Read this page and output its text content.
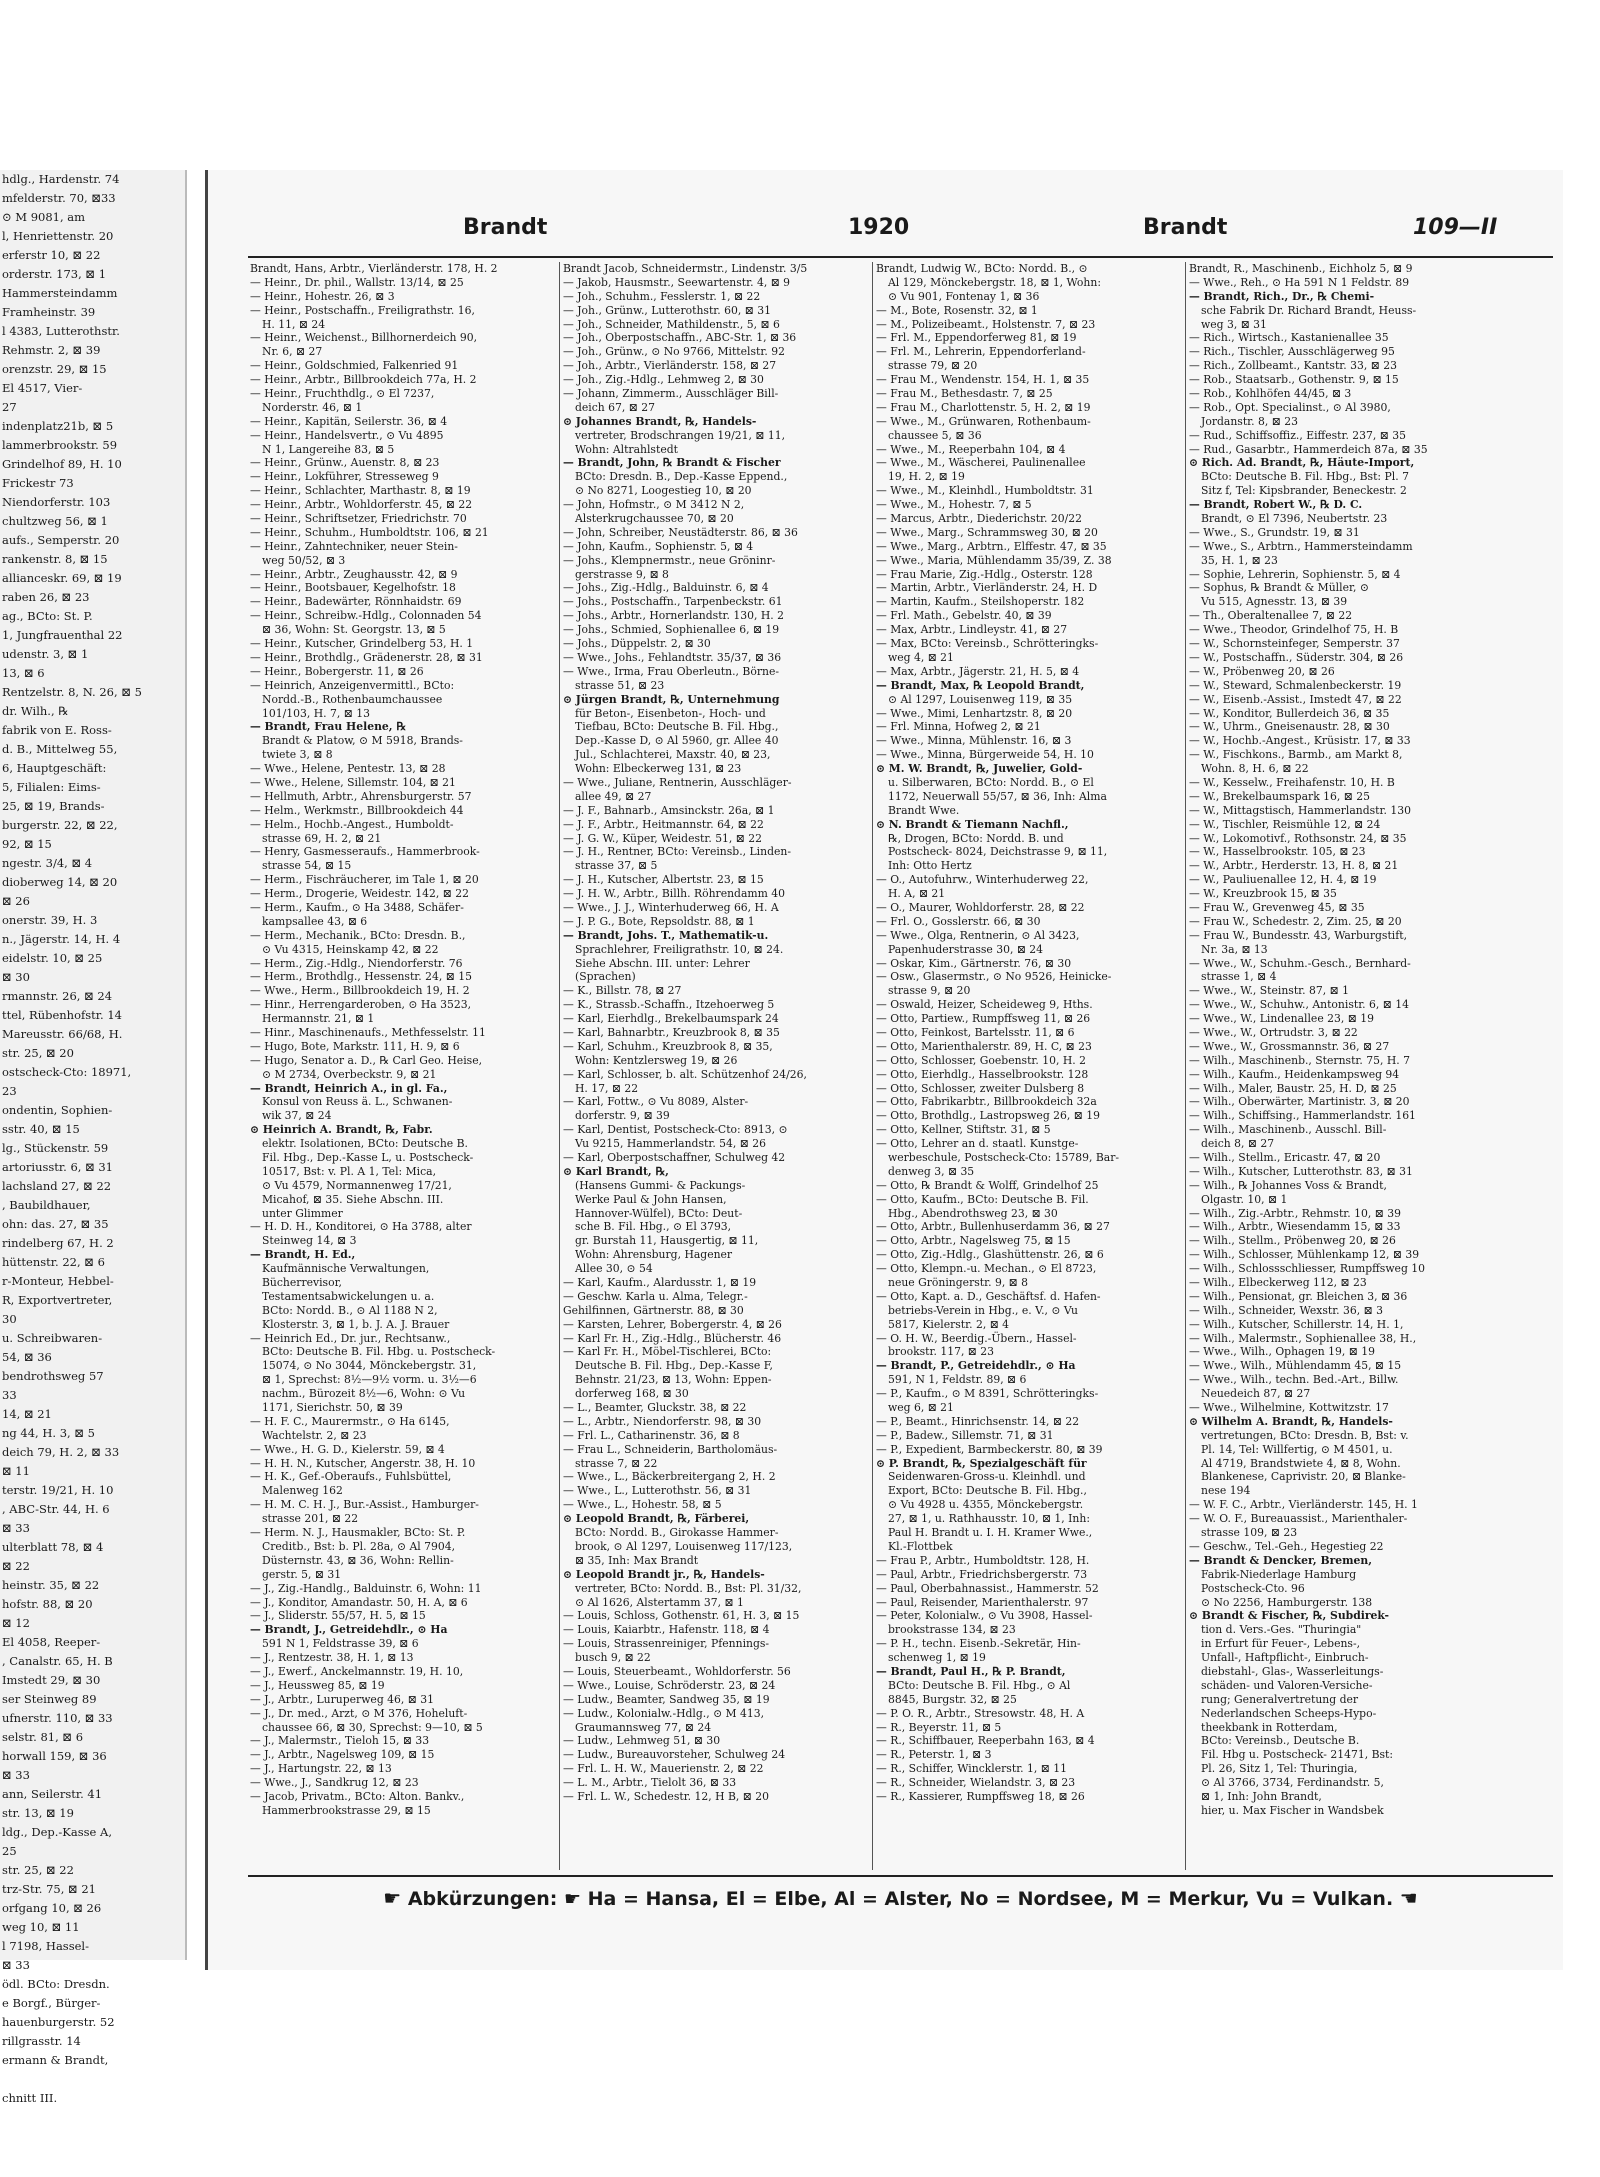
hdlg., Hardenstr. 74
mfelderstr. 70, ⊠33
⊙ M 9081, am
l, Henriettenstr. 20
erferstr 10, ⊠ 22
orderstr. 173, ⊠ 1
Hammersteindamm
Framheinstr. 39
l 4383, Lutterothstr.
Rehmstr. 2, ⊠ 39
orenzstr. 29, ⊠ 15
El 4517, Vier-
27
indenplatz21b, ⊠ 5
lammerbrookstr. 59
Grindelhof 89, H. 10
Frickestr 73
Niendorferstr. 103
chultzweg 56, ⊠ 1
aufs., Semperstr. 20
rankenstr. 8, ⊠ 15
allianceskr. 69, ⊠ 19
raben 26, ⊠ 23
ag., BCto: St. P.
1, Jungfrauenthal 22
udenstr. 3, ⊠ 1
13, ⊠ 6
Rentzelstr. 8, N. 26, ⊠ 5
dr. Wilh., ℞
fabrik von E. Ross-
d. B., Mittelweg 55,
6, Hauptgeschäft:
5, Filialen: Eims-
25, ⊠ 19, Brands-
burgerstr. 22, ⊠ 22,
92, ⊠ 15
ngestr. 3/4, ⊠ 4
dioberweg 14, ⊠ 20
⊠ 26
onerstr. 39, H. 3
n., Jägerstr. 14, H. 4
eidelstr. 10, ⊠ 25
⊠ 30
rmannstr. 26, ⊠ 24
ttel, Rübenhofstr. 14
Mareusstr. 66/68, H.
str. 25, ⊠ 20
ostscheck-Cto: 18971,
23
ondentin, Sophien-
sstr. 40, ⊠ 15
lg., Stückenstr. 59
artoriusstr. 6, ⊠ 31
lachsland 27, ⊠ 22
, Baubildhauer,
ohn: das. 27, ⊠ 35
rindelberg 67, H. 2
hüttenstr. 22, ⊠ 6
r-Monteur, Hebbel-
R, Exportvertreter,
30
u. Schreibwaren-
54, ⊠ 36
bendrothsweg 57
33
14, ⊠ 21
ng 44, H. 3, ⊠ 5
deich 79, H. 2, ⊠ 33
⊠ 11
terstr. 19/21, H. 10
, ABC-Str. 44, H. 6
⊠ 33
ulterblatt 78, ⊠ 4
⊠ 22
heinstr. 35, ⊠ 22
hofstr. 88, ⊠ 20
⊠ 12
El 4058, Reeper-
, Canalstr. 65, H. B
Imstedt 29, ⊠ 30
ser Steinweg 89
ufnerstr. 110, ⊠ 33
selstr. 81, ⊠ 6
horwall 159, ⊠ 36
⊠ 33
ann, Seilerstr. 41
str. 13, ⊠ 19
ldg., Dep.-Kasse A,
25
str. 25, ⊠ 22
trz-Str. 75, ⊠ 21
orfgang 10, ⊠ 26
weg 10, ⊠ 11
l 7198, Hassel-
⊠ 33
ödl. BCto: Dresdn.
e Borgf., Bürger-
hauenburgerstr. 52
rillgrasstr. 14
ermann & Brandt,
chnitt III.
Brandt	1920	Brandt	109—II
Brandt, Hans, Arbtr., Vierländerstr. 178, H. 2
— Heinr., Dr. phil., Wallstr. 13/14, ⊠ 25
— Heinr., Hohestr. 26, ⊠ 3
— Heinr., Postschaffn., Freiligrathstr. 16,
H. 11, ⊠ 24
— Heinr., Weichenst., Billhornerdeich 90,
Nr. 6, ⊠ 27
— Heinr., Goldschmied, Falkenried 91
— Heinr., Arbtr., Billbrookdeich 77a, H. 2
— Heinr., Fruchthdlg., ⊙ El 7237,
Norderstr. 46, ⊠ 1
— Heinr., Kapitän, Seilerstr. 36, ⊠ 4
— Heinr., Handelsvertr., ⊙ Vu 4895
N 1, Langereihe 83, ⊠ 5
— Heinr., Grünw., Auenstr. 8, ⊠ 23
— Heinr., Lokführer, Stresseweg 9
— Heinr., Schlachter, Marthastr. 8, ⊠ 19
— Heinr., Arbtr., Wohldorferstr. 45, ⊠ 22
— Heinr., Schriftsetzer, Friedrichstr. 70
— Heinr., Schuhm., Humboldtstr. 106, ⊠ 21
— Heinr., Zahntechniker, neuer Stein-
weg 50/52, ⊠ 3
— Heinr., Arbtr., Zeughausstr. 42, ⊠ 9
— Heinr., Bootsbauer, Kegelhofstr. 18
— Heinr., Badewärter, Rönnhaidstr. 69
— Heinr., Schreibw.-Hdlg., Colonnaden 54
⊠ 36, Wohn: St. Georgstr. 13, ⊠ 5
— Heinr., Kutscher, Grindelberg 53, H. 1
— Heinr., Brothdlg., Grädenerstr. 28, ⊠ 31
— Heinr., Bobergerstr. 11, ⊠ 26
— Heinrich, Anzeigenvermittl., BCto:
Nordd.-B., Rothenbaumchaussee
101/103, H. 7, ⊠ 13
— Brandt, Frau Helene, ℞
Brandt & Platow, ⊙ M 5918, Brands-
twiete 3, ⊠ 8
— Wwe., Helene, Pentestr. 13, ⊠ 28
— Wwe., Helene, Sillemstr. 104, ⊠ 21
— Hellmuth, Arbtr., Ahrensburgerstr. 57
— Helm., Werkmstr., Billbrookdeich 44
— Helm., Hochb.-Angest., Humboldt-
strasse 69, H. 2, ⊠ 21
— Henry, Gasmesseraufs., Hammerbrook-
strasse 54, ⊠ 15
— Herm., Fischräucherer, im Tale 1, ⊠ 20
— Herm., Drogerie, Weidestr. 142, ⊠ 22
— Herm., Kaufm., ⊙ Ha 3488, Schäfer-
kampsallee 43, ⊠ 6
— Herm., Mechanik., BCto: Dresdn. B.,
⊙ Vu 4315, Heinskamp 42, ⊠ 22
— Herm., Zig.-Hdlg., Niendorferstr. 76
— Herm., Brothdlg., Hessenstr. 24, ⊠ 15
— Wwe., Herm., Billbrookdeich 19, H. 2
— Hinr., Herrengarderoben, ⊙ Ha 3523,
Hermannstr. 21, ⊠ 1
— Hinr., Maschinenaufs., Methfesselstr. 11
— Hugo, Bote, Markstr. 111, H. 9, ⊠ 6
— Hugo, Senator a. D., ℞ Carl Geo. Heise,
⊙ M 2734, Overbeckstr. 9, ⊠ 21
— Brandt, Heinrich A., in gl. Fa.,
Konsul von Reuss ä. L., Schwanen-
wik 37, ⊠ 24
⊙ Heinrich A. Brandt, ℞, Fabr.
elektr. Isolationen, BCto: Deutsche B.
Fil. Hbg., Dep.-Kasse L, u. Postscheck-
10517, Bst: v. Pl. A 1, Tel: Mica,
⊙ Vu 4579, Normannenweg 17/21,
Micahof, ⊠ 35. Siehe Abschn. III.
unter Glimmer
— H. D. H., Konditorei, ⊙ Ha 3788, alter
Steinweg 14, ⊠ 3
— Brandt, H. Ed.,
Kaufmännische Verwaltungen,
Bücherrevisor,
Testamentsabwickelungen u. a.
BCto: Nordd. B., ⊙ Al 1188 N 2,
Klosterstr. 3, ⊠ 1, b. J. A. J. Brauer
— Heinrich Ed., Dr. jur., Rechtsanw.,
BCto: Deutsche B. Fil. Hbg. u. Postscheck-
15074, ⊙ No 3044, Mönckebergstr. 31,
⊠ 1, Sprechst: 8½—9½ vorm. u. 3½—6
nachm., Bürozeit 8½—6, Wohn: ⊙ Vu
1171, Sierichstr. 50, ⊠ 39
— H. F. C., Maurermstr., ⊙ Ha 6145,
Wachtelstr. 2, ⊠ 23
— Wwe., H. G. D., Kielerstr. 59, ⊠ 4
— H. H. N., Kutscher, Angerstr. 38, H. 10
— H. K., Gef.-Oberaufs., Fuhlsbüttel,
Malenweg 162
— H. M. C. H. J., Bur.-Assist., Hamburger-
strasse 201, ⊠ 22
— Herm. N. J., Hausmakler, BCto: St. P.
Creditb., Bst: b. Pl. 28a, ⊙ Al 7904,
Düsternstr. 43, ⊠ 36, Wohn: Rellin-
gerstr. 5, ⊠ 31
— J., Zig.-Handlg., Balduinstr. 6, Wohn: 11
— J., Konditor, Amandastr. 50, H. A, ⊠ 6
— J., Sliderstr. 55/57, H. 5, ⊠ 15
— Brandt, J., Getreidehdlr., ⊙ Ha
591 N 1, Feldstrasse 39, ⊠ 6
— J., Rentzestr. 38, H. 1, ⊠ 13
— J., Ewerf., Anckelmannstr. 19, H. 10,
— J., Heussweg 85, ⊠ 19
— J., Arbtr., Luruperweg 46, ⊠ 31
— J., Dr. med., Arzt, ⊙ M 376, Hoheluft-
chaussee 66, ⊠ 30, Sprechst: 9—10, ⊠ 5
— J., Malermstr., Tieloh 15, ⊠ 33
— J., Arbtr., Nagelsweg 109, ⊠ 15
— J., Hartungstr. 22, ⊠ 13
— Wwe., J., Sandkrug 12, ⊠ 23
— Jacob, Privatm., BCto: Alton. Bankv.,
Hammerbrookstrasse 29, ⊠ 15
Brandt Jacob, Schneidermstr., Lindenstr. 3/5
— Jakob, Hausmstr., Seewartenstr. 4, ⊠ 9
— Joh., Schuhm., Fesslerstr. 1, ⊠ 22
— Joh., Grünw., Lutterothstr. 60, ⊠ 31
— Joh., Schneider, Mathildenstr., 5, ⊠ 6
— Joh., Oberpostschaffn., ABC-Str. 1, ⊠ 36
— Joh., Grünw., ⊙ No 9766, Mittelstr. 92
— Joh., Arbtr., Vierländerstr. 158, ⊠ 27
— Joh., Zig.-Hdlg., Lehmweg 2, ⊠ 30
— Johann, Zimmerm., Ausschläger Bill-
deich 67, ⊠ 27
⊙ Johannes Brandt, ℞, Handels-
vertreter, Brodschrangen 19/21, ⊠ 11,
Wohn: Altrahlstedt
— Brandt, John, ℞ Brandt & Fischer
BCto: Dresdn. B., Dep.-Kasse Eppend.,
⊙ No 8271, Loogestieg 10, ⊠ 20
— John, Hofmstr., ⊙ M 3412 N 2,
Alsterkrugchaussee 70, ⊠ 20
— John, Schreiber, Neustädterstr. 86, ⊠ 36
— John, Kaufm., Sophienstr. 5, ⊠ 4
— Johs., Klempnermstr., neue Gröninr-
gerstrasse 9, ⊠ 8
— Johs., Zig.-Hdlg., Balduinstr. 6, ⊠ 4
— Johs., Postschaffn., Tarpenbeckstr. 61
— Johs., Arbtr., Hornerlandstr. 130, H. 2
— Johs., Schmied, Sophienallee 6, ⊠ 19
— Johs., Düppelstr. 2, ⊠ 30
— Wwe., Johs., Fehlandtstr. 35/37, ⊠ 36
— Wwe., Irma, Frau Oberleutn., Börne-
strasse 51, ⊠ 23
⊙ Jürgen Brandt, ℞, Unternehmung
für Beton-, Eisenbeton-, Hoch- und
Tiefbau, BCto: Deutsche B. Fil. Hbg.,
Dep.-Kasse D, ⊙ Al 5960, gr. Allee 40
Jul., Schlachterei, Maxstr. 40, ⊠ 23,
Wohn: Elbeckerweg 131, ⊠ 23
— Wwe., Juliane, Rentnerin, Ausschläger-
allee 49, ⊠ 27
— J. F., Bahnarb., Amsinckstr. 26a, ⊠ 1
— J. F., Arbtr., Heitmannstr. 64, ⊠ 22
— J. G. W., Küper, Weidestr. 51, ⊠ 22
— J. H., Rentner, BCto: Vereinsb., Linden-
strasse 37, ⊠ 5
— J. H., Kutscher, Albertstr. 23, ⊠ 15
— J. H. W., Arbtr., Billh. Röhrendamm 40
— Wwe., J. J., Winterhuderweg 66, H. A
— J. P. G., Bote, Repsoldstr. 88, ⊠ 1
— Brandt, Johs. T., Mathematik-u.
Sprachlehrer, Freiligrathstr. 10, ⊠ 24.
Siehe Abschn. III. unter: Lehrer
(Sprachen)
— K., Billstr. 78, ⊠ 27
— K., Strassb.-Schaffn., Itzehoerweg 5
— Karl, Eierhdlg., Brekelbaumspark 24
— Karl, Bahnarbtr., Kreuzbrook 8, ⊠ 35
— Karl, Schuhm., Kreuzbrook 8, ⊠ 35,
Wohn: Kentzlersweg 19, ⊠ 26
— Karl, Schlosser, b. alt. Schützenhof 24/26,
H. 17, ⊠ 22
— Karl, Fottw., ⊙ Vu 8089, Alster-
dorferstr. 9, ⊠ 39
— Karl, Dentist, Postscheck-Cto: 8913, ⊙
Vu 9215, Hammerlandstr. 54, ⊠ 26
— Karl, Oberpostschaffner, Schulweg 42
⊙ Karl Brandt, ℞,
(Hansens Gummi- & Packungs-
Werke Paul & John Hansen,
Hannover-Wülfel), BCto: Deut-
sche B. Fil. Hbg., ⊙ El 3793,
gr. Burstah 11, Hausgertig, ⊠ 11,
Wohn: Ahrensburg, Hagener
Allee 30, ⊙ 54
— Karl, Kaufm., Alardusstr. 1, ⊠ 19
— Geschw. Karla u. Alma, Telegr.-
Gehilfinnen, Gärtnerstr. 88, ⊠ 30
— Karsten, Lehrer, Bobergerstr. 4, ⊠ 26
— Karl Fr. H., Zig.-Hdlg., Blücherstr. 46
— Karl Fr. H., Möbel-Tischlerei, BCto:
Deutsche B. Fil. Hbg., Dep.-Kasse F,
Behnstr. 21/23, ⊠ 13, Wohn: Eppen-
dorferweg 168, ⊠ 30
— L., Beamter, Gluckstr. 38, ⊠ 22
— L., Arbtr., Niendorferstr. 98, ⊠ 30
— Frl. L., Catharinenstr. 36, ⊠ 8
— Frau L., Schneiderin, Bartholomäus-
strasse 7, ⊠ 22
— Wwe., L., Bäckerbreitergang 2, H. 2
— Wwe., L., Lutterothstr. 56, ⊠ 31
— Wwe., L., Hohestr. 58, ⊠ 5
⊙ Leopold Brandt, ℞, Färberei,
BCto: Nordd. B., Girokasse Hammer-
brook, ⊙ Al 1297, Louisenweg 117/123,
⊠ 35, Inh: Max Brandt
⊙ Leopold Brandt jr., ℞, Handels-
vertreter, BCto: Nordd. B., Bst: Pl. 31/32,
⊙ Al 1626, Alstertamm 37, ⊠ 1
— Louis, Schloss, Gothenstr. 61, H. 3, ⊠ 15
— Louis, Kaiarbtr., Hafenstr. 118, ⊠ 4
— Louis, Strassenreiniger, Pfennings-
busch 9, ⊠ 22
— Louis, Steuerbeamt., Wohldorferstr. 56
— Wwe., Louise, Schröderstr. 23, ⊠ 24
— Ludw., Beamter, Sandweg 35, ⊠ 19
— Ludw., Kolonialw.-Hdlg., ⊙ M 413,
Graumannsweg 77, ⊠ 24
— Ludw., Lehmweg 51, ⊠ 30
— Ludw., Bureauvorsteher, Schulweg 24
— Frl. L. H. W., Mauerienstr. 2, ⊠ 22
— L. M., Arbtr., Tielolt 36, ⊠ 33
— Frl. L. W., Schedestr. 12, H B, ⊠ 20
Brandt, Ludwig W., BCto: Nordd. B., ⊙
Al 129, Mönckebergstr. 18, ⊠ 1, Wohn:
⊙ Vu 901, Fontenay 1, ⊠ 36
— M., Bote, Rosenstr. 32, ⊠ 1
— M., Polizeibeamt., Holstenstr. 7, ⊠ 23
— Frl. M., Eppendorferweg 81, ⊠ 19
— Frl. M., Lehrerin, Eppendorferland-
strasse 79, ⊠ 20
— Frau M., Wendenstr. 154, H. 1, ⊠ 35
— Frau M., Bethesdastr. 7, ⊠ 25
— Frau M., Charlottenstr. 5, H. 2, ⊠ 19
— Wwe., M., Grünwaren, Rothenbaum-
chaussee 5, ⊠ 36
— Wwe., M., Reeperbahn 104, ⊠ 4
— Wwe., M., Wäscherei, Paulinenallee
19, H. 2, ⊠ 19
— Wwe., M., Kleinhdl., Humboldtstr. 31
— Wwe., M., Hohestr. 7, ⊠ 5
— Marcus, Arbtr., Diederichstr. 20/22
— Wwe., Marg., Schrammsweg 30, ⊠ 20
— Wwe., Marg., Arbtrn., Elffestr. 47, ⊠ 35
— Wwe., Maria, Mühlendamm 35/39, Z. 38
— Frau Marie, Zig.-Hdlg., Osterstr. 128
— Martin, Arbtr., Vierländerstr. 24, H. D
— Martin, Kaufm., Steilshoperstr. 182
— Frl. Math., Gebelstr. 40, ⊠ 39
— Max, Arbtr., Lindleystr. 41, ⊠ 27
— Max, BCto: Vereinsb., Schrötteringks-
weg 4, ⊠ 21
— Max, Arbtr., Jägerstr. 21, H. 5, ⊠ 4
— Brandt, Max, ℞ Leopold Brandt,
⊙ Al 1297, Louisenweg 119, ⊠ 35
— Wwe., Mimi, Lenhartzstr. 8, ⊠ 20
— Frl. Minna, Hofweg 2, ⊠ 21
— Wwe., Minna, Mühlenstr. 16, ⊠ 3
— Wwe., Minna, Bürgerweide 54, H. 10
⊙ M. W. Brandt, ℞, Juwelier, Gold-
u. Silberwaren, BCto: Nordd. B., ⊙ El
1172, Neuerwall 55/57, ⊠ 36, Inh: Alma
Brandt Wwe.
⊙ N. Brandt & Tiemann Nachfl.,
℞, Drogen, BCto: Nordd. B. und
Postscheck- 8024, Deichstrasse 9, ⊠ 11,
Inh: Otto Hertz
— O., Autofuhrw., Winterhuderweg 22,
H. A, ⊠ 21
— O., Maurer, Wohldorferstr. 28, ⊠ 22
— Frl. O., Gosslerstr. 66, ⊠ 30
— Wwe., Olga, Rentnerin, ⊙ Al 3423,
Papenhuderstrasse 30, ⊠ 24
— Oskar, Kim., Gärtnerstr. 76, ⊠ 30
— Osw., Glasermstr., ⊙ No 9526, Heinicke-
strasse 9, ⊠ 20
— Oswald, Heizer, Scheideweg 9, Hths.
— Otto, Partiew., Rumpffsweg 11, ⊠ 26
— Otto, Feinkost, Bartelsstr. 11, ⊠ 6
— Otto, Marienthalerstr. 89, H. C, ⊠ 23
— Otto, Schlosser, Goebenstr. 10, H. 2
— Otto, Eierhdlg., Hasselbrookstr. 128
— Otto, Schlosser, zweiter Dulsberg 8
— Otto, Fabrikarbtr., Billbrookdeich 32a
— Otto, Brothdlg., Lastropsweg 26, ⊠ 19
— Otto, Kellner, Stiftstr. 31, ⊠ 5
— Otto, Lehrer an d. staatl. Kunstge-
werbeschule, Postscheck-Cto: 15789, Bar-
denweg 3, ⊠ 35
— Otto, ℞ Brandt & Wolff, Grindelhof 25
— Otto, Kaufm., BCto: Deutsche B. Fil.
Hbg., Abendrothsweg 23, ⊠ 30
— Otto, Arbtr., Bullenhuserdamm 36, ⊠ 27
— Otto, Arbtr., Nagelsweg 75, ⊠ 15
— Otto, Zig.-Hdlg., Glashüttenstr. 26, ⊠ 6
— Otto, Klempn.-u. Mechan., ⊙ El 8723,
neue Gröningerstr. 9, ⊠ 8
— Otto, Kapt. a. D., Geschäftsf. d. Hafen-
betriebs-Verein in Hbg., e. V., ⊙ Vu
5817, Kielerstr. 2, ⊠ 4
— O. H. W., Beerdig.-Übern., Hassel-
brookstr. 117, ⊠ 23
— Brandt, P., Getreidehdlr., ⊙ Ha
591, N 1, Feldstr. 89, ⊠ 6
— P., Kaufm., ⊙ M 8391, Schrötteringks-
weg 6, ⊠ 21
— P., Beamt., Hinrichsenstr. 14, ⊠ 22
— P., Badew., Sillemstr. 71, ⊠ 31
— P., Expedient, Barmbeckerstr. 80, ⊠ 39
⊙ P. Brandt, ℞, Spezialgeschäft für
Seidenwaren-Gross-u. Kleinhdl. und
Export, BCto: Deutsche B. Fil. Hbg.,
⊙ Vu 4928 u. 4355, Mönckebergstr.
27, ⊠ 1, u. Rathhausstr. 10, ⊠ 1, Inh:
Paul H. Brandt u. I. H. Kramer Wwe.,
Kl.-Flottbek
— Frau P., Arbtr., Humboldtstr. 128, H.
— Paul, Arbtr., Friedrichsbergerstr. 73
— Paul, Oberbahnassist., Hammerstr. 52
— Paul, Reisender, Marienthalerstr. 97
— Peter, Kolonialw., ⊙ Vu 3908, Hassel-
brookstrasse 134, ⊠ 23
— P. H., techn. Eisenb.-Sekretär, Hin-
schenweg 1, ⊠ 19
— Brandt, Paul H., ℞ P. Brandt,
BCto: Deutsche B. Fil. Hbg., ⊙ Al
8845, Burgstr. 32, ⊠ 25
— P. O. R., Arbtr., Stresowstr. 48, H. A
— R., Beyerstr. 11, ⊠ 5
— R., Schiffbauer, Reeperbahn 163, ⊠ 4
— R., Peterstr. 1, ⊠ 3
— R., Schiffer, Wincklerstr. 1, ⊠ 11
— R., Schneider, Wielandstr. 3, ⊠ 23
— R., Kassierer, Rumpffsweg 18, ⊠ 26
Brandt, R., Maschinenb., Eichholz 5, ⊠ 9
— Wwe., Reh., ⊙ Ha 591 N 1 Feldstr. 89
— Brandt, Rich., Dr., ℞ Chemi-
sche Fabrik Dr. Richard Brandt, Heuss-
weg 3, ⊠ 31
— Rich., Wirtsch., Kastanienallee 35
— Rich., Tischler, Ausschlägerweg 95
— Rich., Zollbeamt., Kantstr. 33, ⊠ 23
— Rob., Staatsarb., Gothenstr. 9, ⊠ 15
— Rob., Kohlhöfen 44/45, ⊠ 3
— Rob., Opt. Specialinst., ⊙ Al 3980,
Jordanstr. 8, ⊠ 23
— Rud., Schiffsoffiz., Eiffestr. 237, ⊠ 35
— Rud., Gasarbtr., Hammerdeich 87a, ⊠ 35
⊙ Rich. Ad. Brandt, ℞, Häute-Import,
BCto: Deutsche B. Fil. Hbg., Bst: Pl. 7
Sitz f, Tel: Kipsbrander, Beneckestr. 2
— Brandt, Robert W., ℞ D. C.
Brandt, ⊙ El 7396, Neubertstr. 23
— Wwe., S., Grundstr. 19, ⊠ 31
— Wwe., S., Arbtrn., Hammersteindamm
35, H. 1, ⊠ 23
— Sophie, Lehrerin, Sophienstr. 5, ⊠ 4
— Sophus, ℞ Brandt & Müller, ⊙
Vu 515, Agnesstr. 13, ⊠ 39
— Th., Oberaltenallee 7, ⊠ 22
— Wwe., Theodor, Grindelhof 75, H. B
— W., Schornsteinfeger, Semperstr. 37
— W., Postschaffn., Süderstr. 304, ⊠ 26
— W., Pröbenweg 20, ⊠ 26
— W., Steward, Schmalenbeckerstr. 19
— W., Eisenb.-Assist., Imstedt 47, ⊠ 22
— W., Konditor, Bullerdeich 36, ⊠ 35
— W., Uhrm., Gneisenaustr. 28, ⊠ 30
— W., Hochb.-Angest., Krüsistr. 17, ⊠ 33
— W., Fischkons., Barmb., am Markt 8,
Wohn. 8, H. 6, ⊠ 22
— W., Kesselw., Freihafenstr. 10, H. B
— W., Brekelbaumspark 16, ⊠ 25
— W., Mittagstisch, Hammerlandstr. 130
— W., Tischler, Reismühle 12, ⊠ 24
— W., Lokomotivf., Rothsonstr. 24, ⊠ 35
— W., Hasselbrookstr. 105, ⊠ 23
— W., Arbtr., Herderstr. 13, H. 8, ⊠ 21
— W., Pauliuenallee 12, H. 4, ⊠ 19
— W., Kreuzbrook 15, ⊠ 35
— Frau W., Grevenweg 45, ⊠ 35
— Frau W., Schedestr. 2, Zim. 25, ⊠ 20
— Frau W., Bundesstr. 43, Warburgstift,
Nr. 3a, ⊠ 13
— Wwe., W., Schuhm.-Gesch., Bernhard-
strasse 1, ⊠ 4
— Wwe., W., Steinstr. 87, ⊠ 1
— Wwe., W., Schuhw., Antonistr. 6, ⊠ 14
— Wwe., W., Lindenallee 23, ⊠ 19
— Wwe., W., Ortrudstr. 3, ⊠ 22
— Wwe., W., Grossmannstr. 36, ⊠ 27
— Wilh., Maschinenb., Sternstr. 75, H. 7
— Wilh., Kaufm., Heidenkampsweg 94
— Wilh., Maler, Baustr. 25, H. D, ⊠ 25
— Wilh., Oberwärter, Martinistr. 3, ⊠ 20
— Wilh., Schiffsing., Hammerlandstr. 161
— Wilh., Maschinenb., Ausschl. Bill-
deich 8, ⊠ 27
— Wilh., Stellm., Ericastr. 47, ⊠ 20
— Wilh., Kutscher, Lutterothstr. 83, ⊠ 31
— Wilh., ℞ Johannes Voss & Brandt,
Olgastr. 10, ⊠ 1
— Wilh., Zig.-Arbtr., Rehmstr. 10, ⊠ 39
— Wilh., Arbtr., Wiesendamm 15, ⊠ 33
— Wilh., Stellm., Pröbenweg 20, ⊠ 26
— Wilh., Schlosser, Mühlenkamp 12, ⊠ 39
— Wilh., Schlossschliesser, Rumpffsweg 10
— Wilh., Elbeckerweg 112, ⊠ 23
— Wilh., Pensionat, gr. Bleichen 3, ⊠ 36
— Wilh., Schneider, Wexstr. 36, ⊠ 3
— Wilh., Kutscher, Schillerstr. 14, H. 1,
— Wilh., Malermstr., Sophienallee 38, H.,
— Wwe., Wilh., Ophagen 19, ⊠ 19
— Wwe., Wilh., Mühlendamm 45, ⊠ 15
— Wwe., Wilh., techn. Bed.-Art., Billw.
Neuedeich 87, ⊠ 27
— Wwe., Wilhelmine, Kottwitzstr. 17
⊙ Wilhelm A. Brandt, ℞, Handels-
vertretungen, BCto: Dresdn. B, Bst: v.
Pl. 14, Tel: Willfertig, ⊙ M 4501, u.
Al 4719, Brandstwiete 4, ⊠ 8, Wohn.
Blankenese, Caprivistr. 20, ⊠ Blanke-
nese 194
— W. F. C., Arbtr., Vierländerstr. 145, H. 1
— W. O. F., Bureauassist., Marienthaler-
strasse 109, ⊠ 23
— Geschw., Tel.-Geh., Hegestieg 22
— Brandt & Dencker, Bremen,
Fabrik-Niederlage Hamburg
Postscheck-Cto. 96
⊙ No 2256, Hamburgerstr. 138
⊙ Brandt & Fischer, ℞, Subdirek-
tion d. Vers.-Ges. "Thuringia"
in Erfurt für Feuer-, Lebens-,
Unfall-, Haftpflicht-, Einbruch-
diebstahl-, Glas-, Wasserleitungs-
schäden- und Valoren-Versiche-
rung; Generalvertretung der
Nederlandschen Scheeps-Hypo-
theekbank in Rotterdam,
BCto: Vereinsb., Deutsche B.
Fil. Hbg u. Postscheck- 21471, Bst:
Pl. 26, Sitz 1, Tel: Thuringia,
⊙ Al 3766, 3734, Ferdinandstr. 5,
⊠ 1, Inh: John Brandt,
hier, u. Max Fischer in Wandsbek
☛ Abkürzungen: ☛ Ha = Hansa, El = Elbe, Al = Alster, No = Nordsee, M = Merkur, Vu = Vulkan. ☚
